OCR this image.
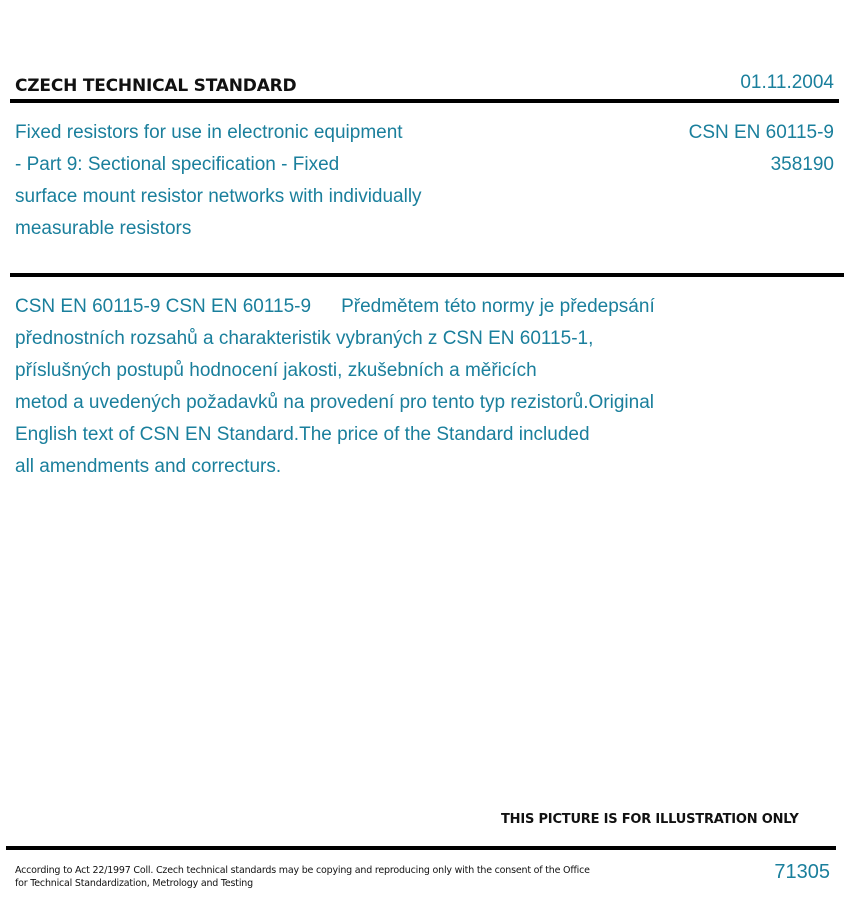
CZECH TECHNICAL STANDARD	01.11.2004
Fixed resistors for use in electronic equipment
- Part 9: Sectional specification - Fixed
surface mount resistor networks with individually
measurable resistors
CSN EN 60115-9
358190
CSN EN 60115-9 CSN EN 60115-9 Předmětem této normy je předepsání
přednostních rozsahů a charakteristik vybraných z CSN EN 60115-1,
příslušných postupů hodnocení jakosti, zkušebních a měřicích
metod a uvedených požadavků na provedení pro tento typ rezistorů.Original
English text of CSN EN Standard.The price of the Standard included
all amendments and correcturs.
THIS PICTURE IS FOR ILLUSTRATION ONLY
According to Act 22/1997 Coll. Czech technical standards may be copying and reproducing only with the consent of the Office
for Technical Standardization, Metrology and Testing
71305
